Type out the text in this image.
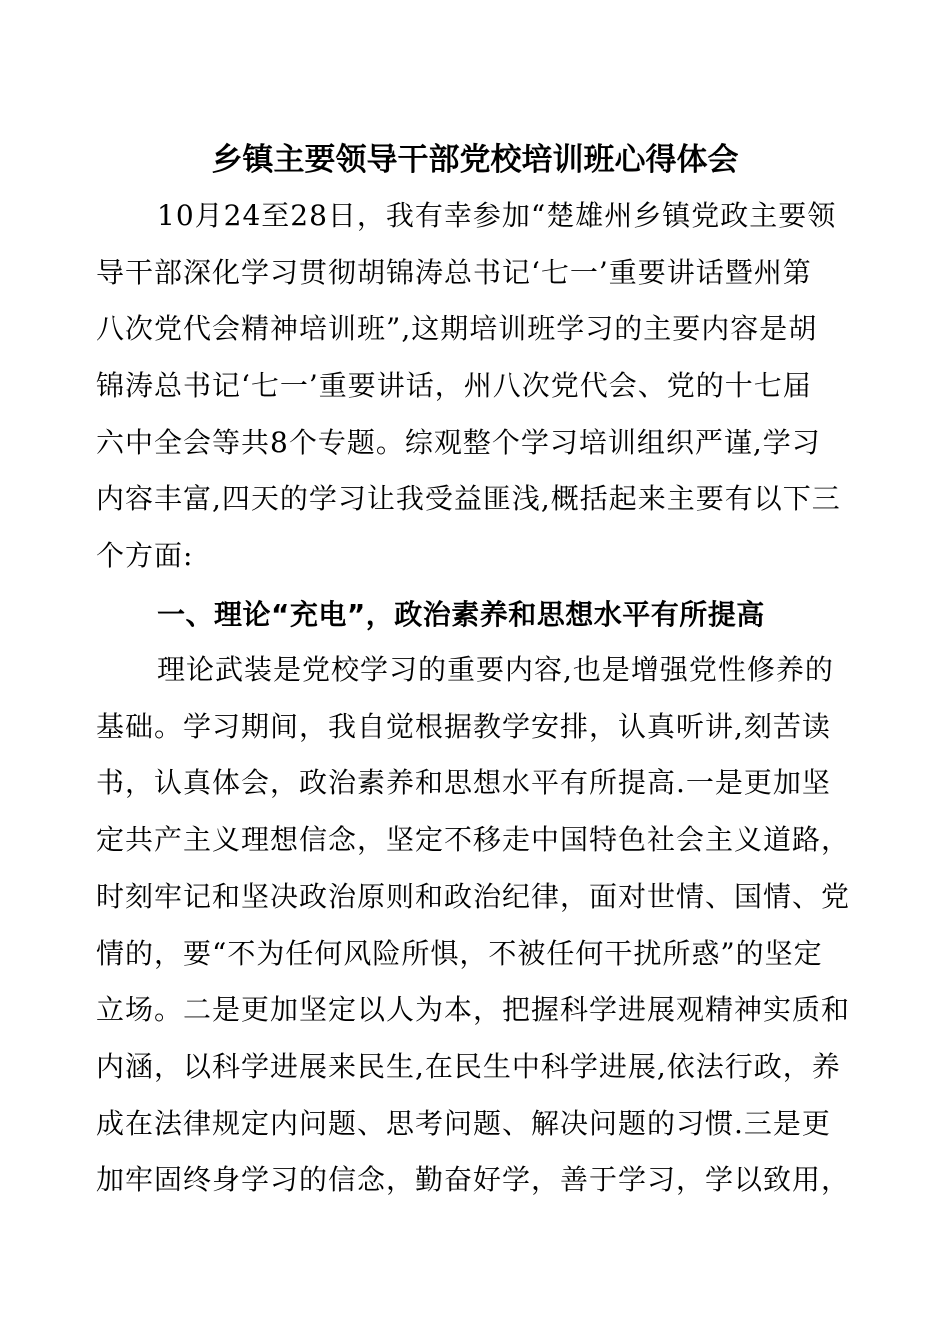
乡镇主要领导干部党校培训班心得体会
10月24至28日，我有幸参加“楚雄州乡镇党政主要领
导干部深化学习贯彻胡锦涛总书记‘七一’重要讲话暨州第
八次党代会精神培训班”,这期培训班学习的主要内容是胡
锦涛总书记‘七一’重要讲话，州八次党代会、党的十七届
六中全会等共8个专题。综观整个学习培训组织严谨,学习
内容丰富,四天的学习让我受益匪浅,概括起来主要有以下三
个方面:
一、理论“充电”，政治素养和思想水平有所提高
理论武装是党校学习的重要内容,也是增强党性修养的
基础。学习期间，我自觉根据教学安排，认真听讲,刻苦读
书，认真体会，政治素养和思想水平有所提高.一是更加坚
定共产主义理想信念，坚定不移走中国特色社会主义道路，
时刻牢记和坚决政治原则和政治纪律，面对世情、国情、党
情的，要“不为任何风险所惧，不被任何干扰所惑”的坚定
立场。二是更加坚定以人为本，把握科学进展观精神实质和
内涵，以科学进展来民生,在民生中科学进展,依法行政，养
成在法律规定内问题、思考问题、解决问题的习惯.三是更
加牢固终身学习的信念，勤奋好学，善于学习，学以致用，
